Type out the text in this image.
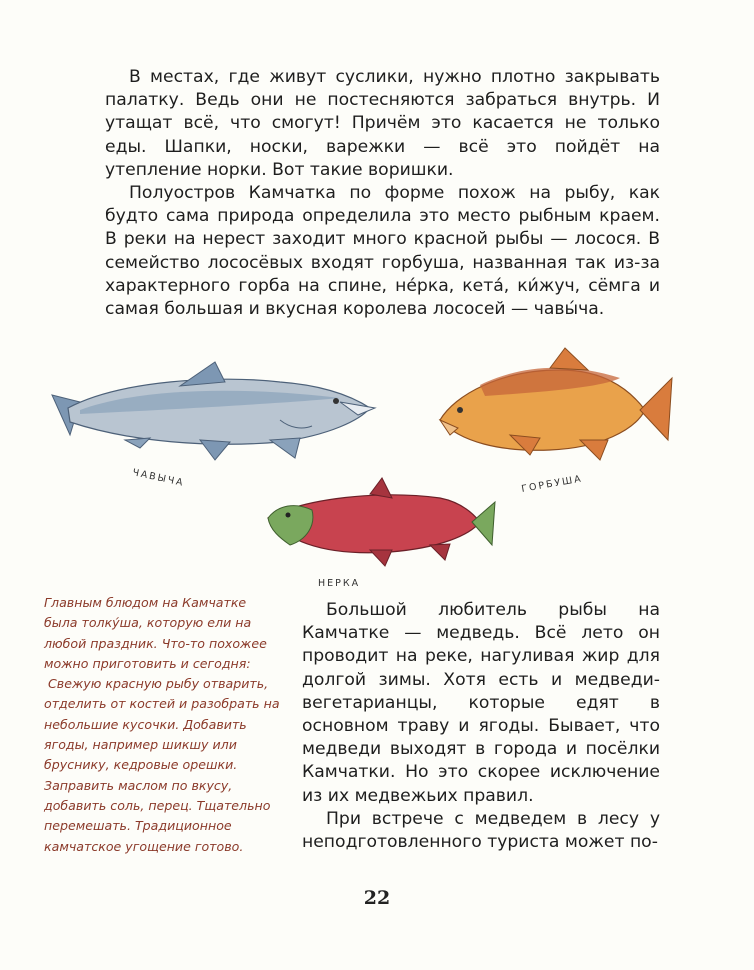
В местах, где живут суслики, нужно плотно закрывать палатку. Ведь они не постесняются забраться внутрь. И утащат всё, что смогут! Причём это касается не только еды. Шапки, носки, варежки — всё это пойдёт на утепление норки. Вот такие воришки.

Полуостров Камчатка по форме похож на рыбу, как будто сама природа определила это место рыбным краем. В реки на нерест заходит много красной рыбы — лосося. В семейство лососёвых входят горбуша, названная так из-за характерного горба на спине, не́рка, кета́, ки́жуч, сёмга и самая большая и вкусная королева лососей — чавы́ча.

ЧАВЫЧА	ГОРБУША
НЕРКА

Главным блюдом на Камчатке была толку́ша, которую ели на любой праздник. Что-то похожее можно приготовить и сегодня:

Свежую красную рыбу отварить, отделить от костей и разобрать на небольшие кусочки. Добавить ягоды, например шикшу или бруснику, кедровые орешки. Заправить маслом по вкусу, добавить соль, перец. Тщательно перемешать. Традиционное камчатское угощение готово.

Большой любитель рыбы на Камчатке — медведь. Всё лето он проводит на реке, нагуливая жир для долгой зимы. Хотя есть и медведи-вегетарианцы, которые едят в основном траву и ягоды. Бывает, что медведи выходят в города и посёлки Камчатки. Но это скорее исключение из их медвежьих правил.

При встрече с медведем в лесу у неподготовленного туриста может по-

22
